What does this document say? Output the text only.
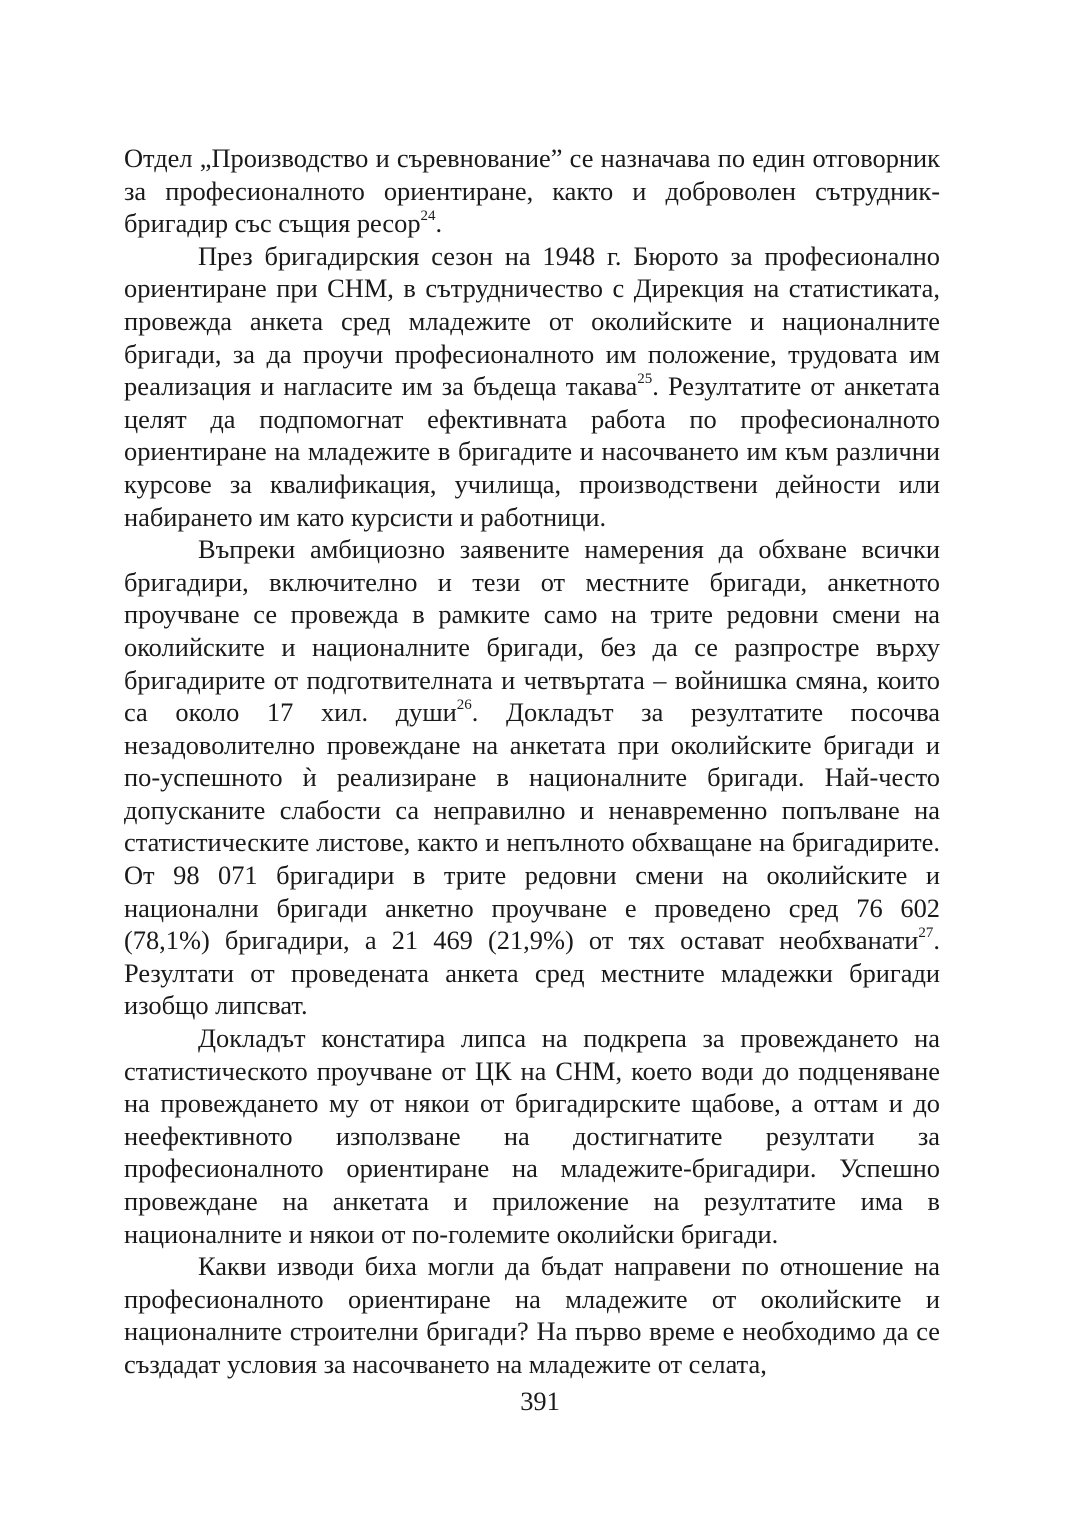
Отдел „Производство и съревнование” се назначава по един отговорник за професионалното ориентиране, както и доброволен сътрудник-бригадир със същия ресор$^{24}$.

През бригадирския сезон на 1948 г. Бюрото за професионално ориентиране при СНМ, в сътрудничество с Дирекция на статистиката, провежда анкета сред младежите от околийските и националните бригади, за да проучи професионалното им положение, трудовата им реализация и нагласите им за бъдеща такава$^{25}$. Резултатите от анкетата целят да подпомогнат ефективната работа по професионалното ориентиране на младежите в бригадите и насочването им към различни курсове за квалификация, училища, производствени дейности или набирането им като курсисти и работници.

Въпреки амбициозно заявените намерения да обхване всички бригадири, включително и тези от местните бригади, анкетното проучване се провежда в рамките само на трите редовни смени на околийските и националните бригади, без да се разпростре върху бригадирите от подготвителната и четвъртата – войнишка смяна, които са около 17 хил. души$^{26}$. Докладът за резултатите посочва незадоволително провеждане на анкетата при околийските бригади и по-успешното ѝ реализиране в националните бригади. Най-често допусканите слабости са неправилно и ненавременно попълване на статистическите листове, както и непълното обхващане на бригадирите. От 98 071 бригадири в трите редовни смени на околийските и национални бригади анкетно проучване е проведено сред 76 602 (78,1%) бригадири, а 21 469 (21,9%) от тях остават необхванати$^{27}$. Резултати от проведената анкета сред местните младежки бригади изобщо липсват.

Докладът констатира липса на подкрепа за провеждането на статистическото проучване от ЦК на СНМ, което води до подценяване на провеждането му от някои от бригадирските щабове, а оттам и до неефективното използване на достигнатите резултати за професионалното ориентиране на младежите-бригадири. Успешно провеждане на анкетата и приложение на резултатите има в националните и някои от по-големите околийски бригади.

Какви изводи биха могли да бъдат направени по отношение на професионалното ориентиране на младежите от околийските и националните строителни бригади? На първо време е необходимо да се създадат условия за насочването на младежите от селата,

391
